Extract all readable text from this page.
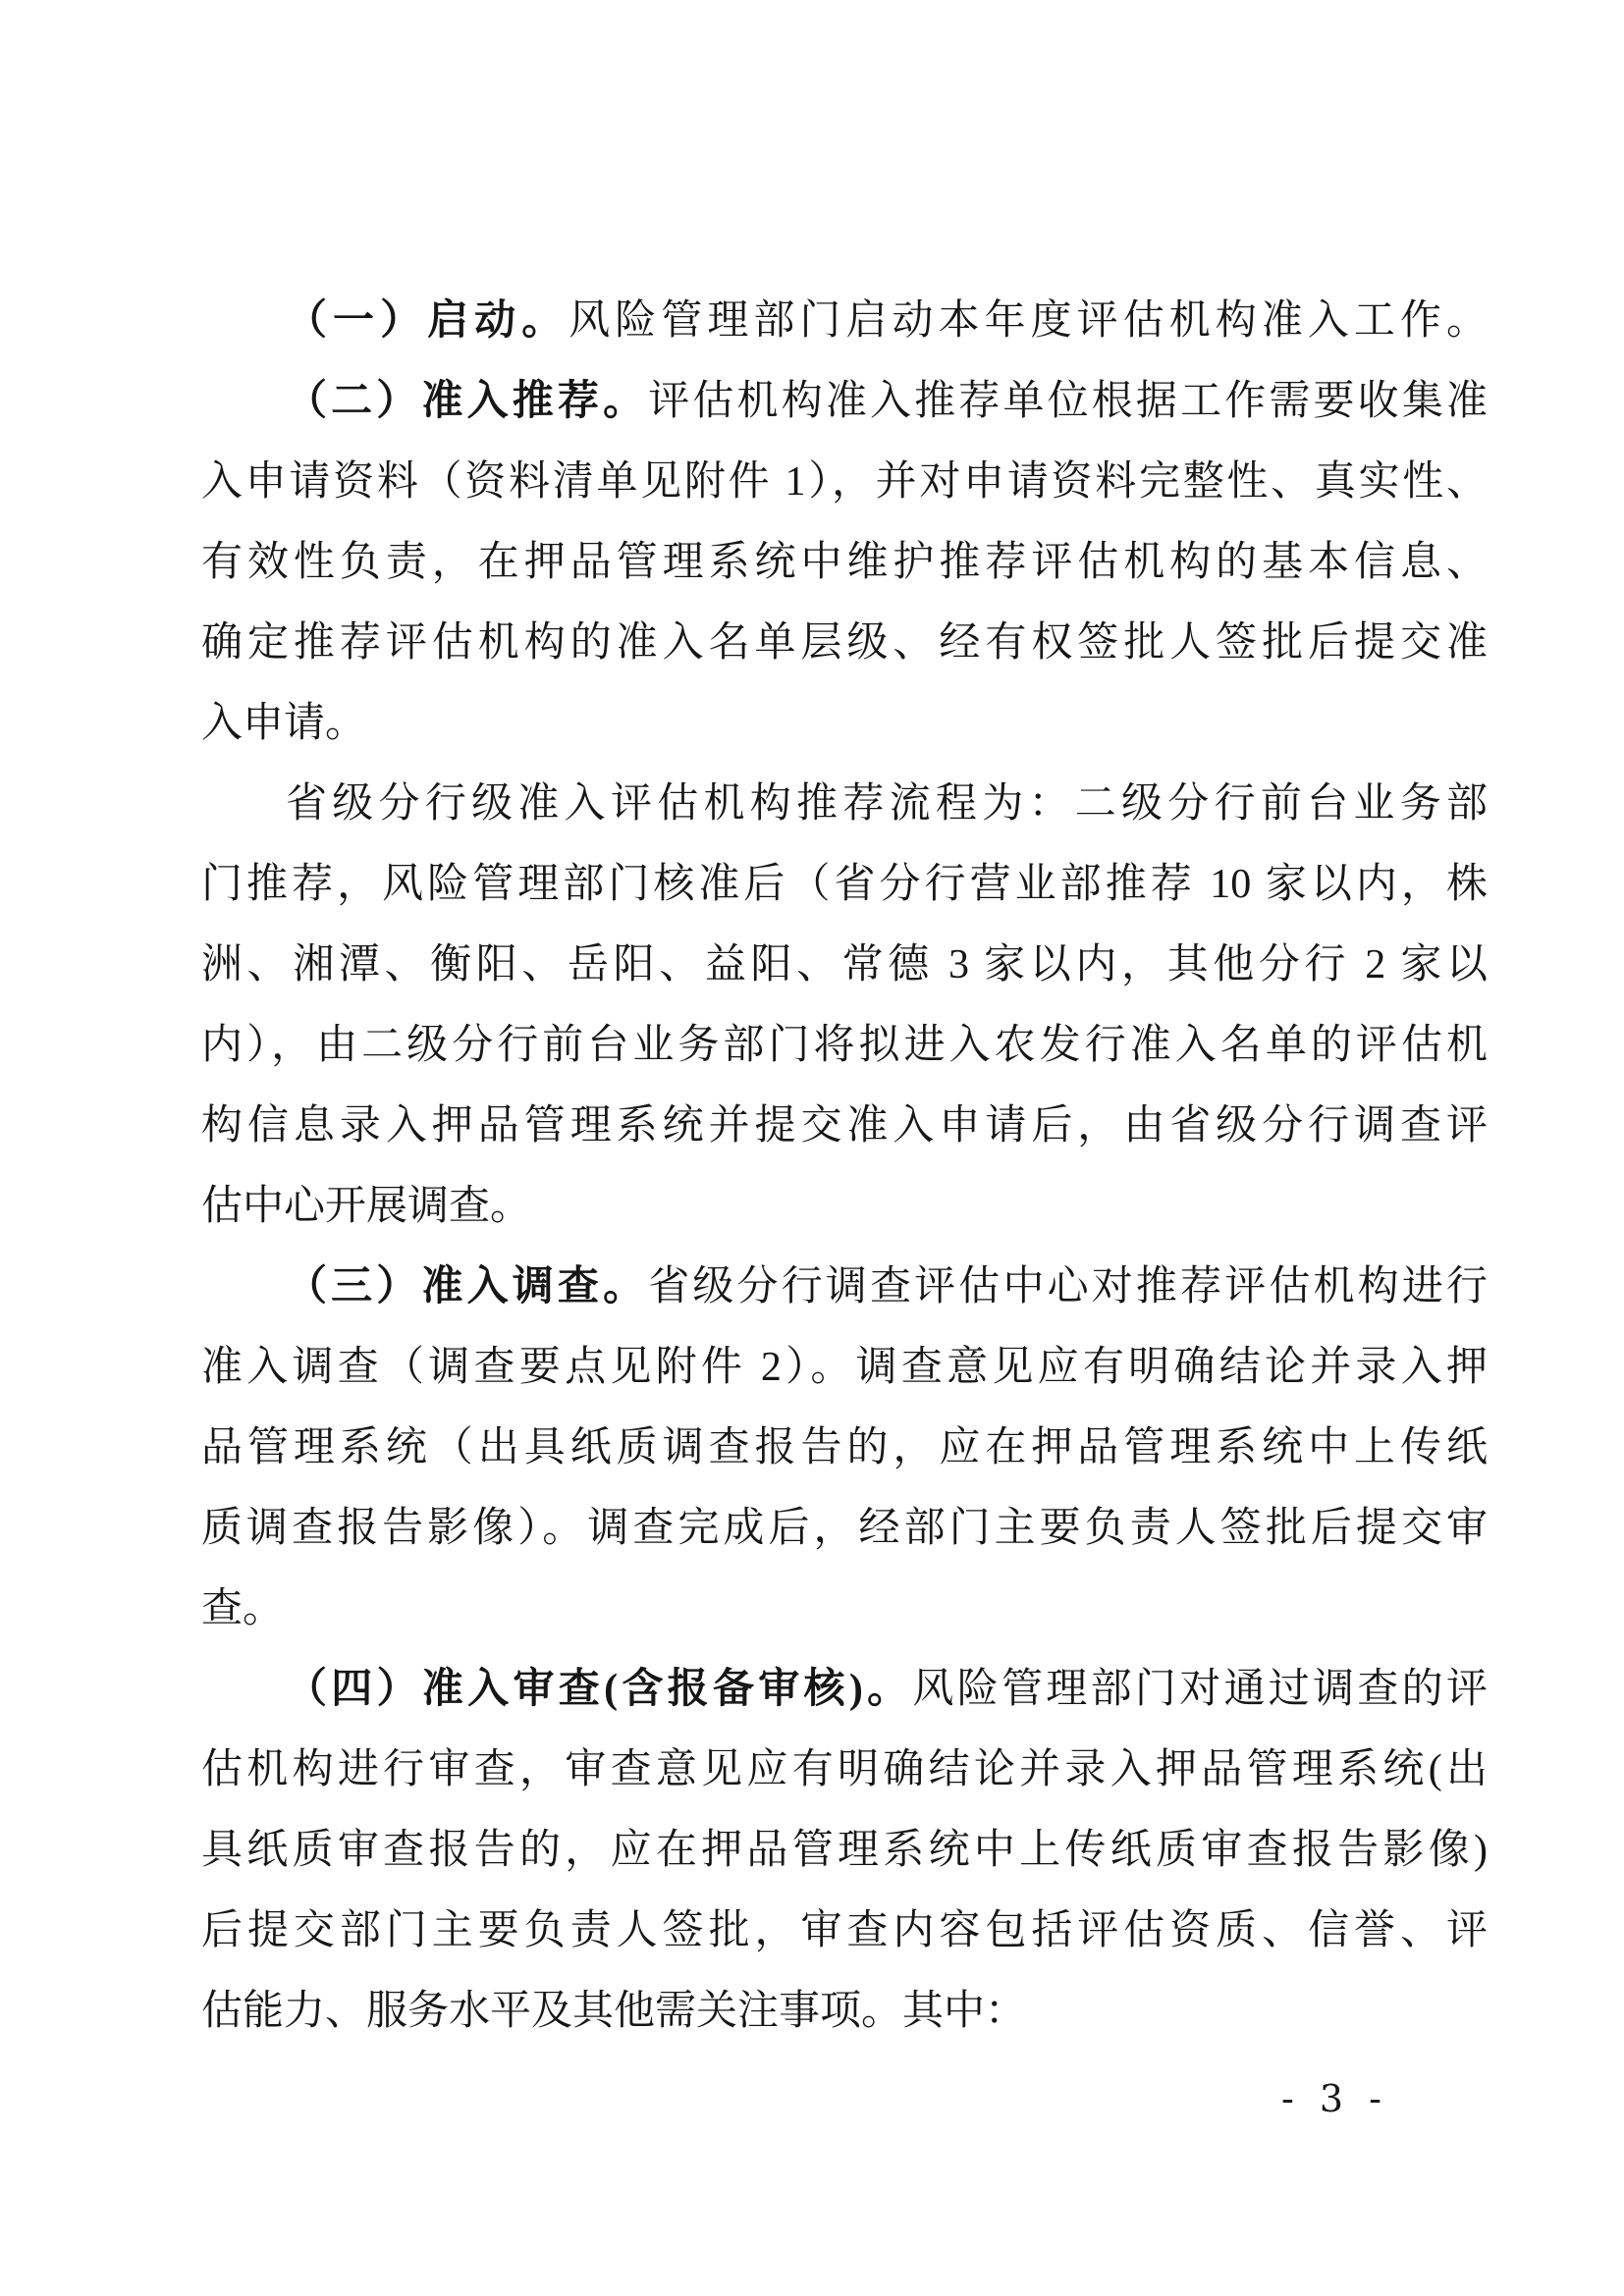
（一）启动。风险管理部门启动本年度评估机构准入工作。
（二）准入推荐。评估机构准入推荐单位根据工作需要收集准
入申请资料（资料清单见附件 1），并对申请资料完整性、真实性、
有效性负责，在押品管理系统中维护推荐评估机构的基本信息、
确定推荐评估机构的准入名单层级、经有权签批人签批后提交准
入申请。
省级分行级准入评估机构推荐流程为：二级分行前台业务部
门推荐，风险管理部门核准后（省分行营业部推荐 10 家以内，株
洲、湘潭、衡阳、岳阳、益阳、常德 3 家以内，其他分行 2 家以
内），由二级分行前台业务部门将拟进入农发行准入名单的评估机
构信息录入押品管理系统并提交准入申请后，由省级分行调查评
估中心开展调查。
（三）准入调查。省级分行调查评估中心对推荐评估机构进行
准入调查（调查要点见附件 2）。调查意见应有明确结论并录入押
品管理系统（出具纸质调查报告的，应在押品管理系统中上传纸
质调查报告影像）。调查完成后，经部门主要负责人签批后提交审
查。
（四）准入审查(含报备审核)。风险管理部门对通过调查的评
估机构进行审查，审查意见应有明确结论并录入押品管理系统(出
具纸质审查报告的，应在押品管理系统中上传纸质审查报告影像)
后提交部门主要负责人签批，审查内容包括评估资质、信誉、评
估能力、服务水平及其他需关注事项。其中：
- 3 -
